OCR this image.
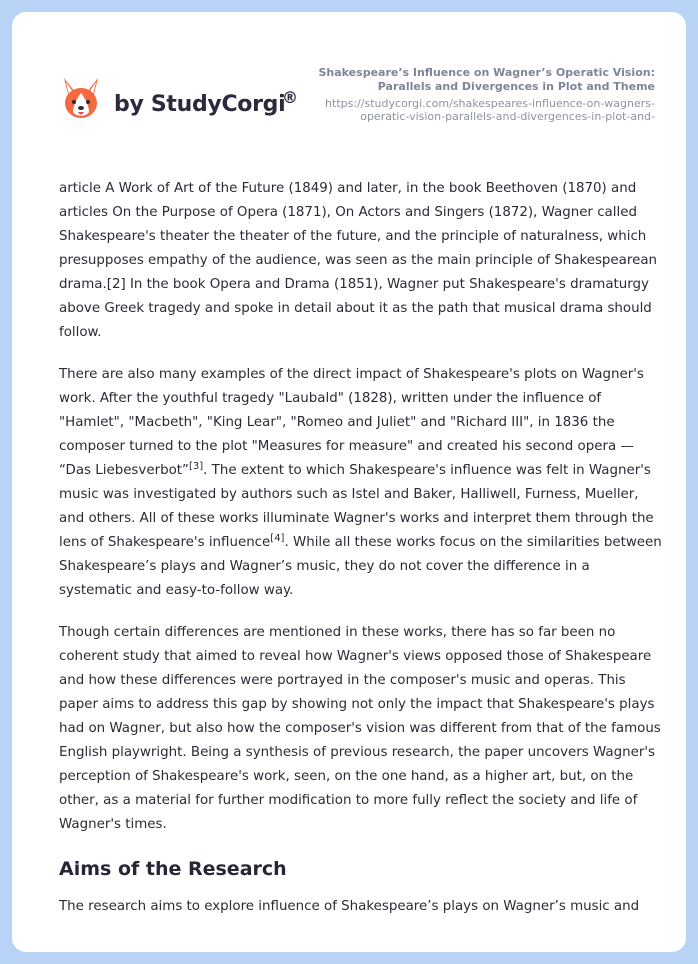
by StudyCorgi
®
Shakespeare’s Influence on Wagner’s Operatic Vision: Parallels and Divergences in Plot and Theme
https://studycorgi.com/shakespeares-influence-on-wagners-operatic-vision-parallels-and-divergences-in-plot-and-

article A Work of Art of the Future (1849) and later, in the book Beethoven (1870) and articles On the Purpose of Opera (1871), On Actors and Singers (1872), Wagner called Shakespeare's theater the theater of the future, and the principle of naturalness, which presupposes empathy of the audience, was seen as the main principle of Shakespearean drama.[2] In the book Opera and Drama (1851), Wagner put Shakespeare's dramaturgy above Greek tragedy and spoke in detail about it as the path that musical drama should follow.

There are also many examples of the direct impact of Shakespeare's plots on Wagner's work. After the youthful tragedy "Laubald" (1828), written under the influence of "Hamlet", "Macbeth", "King Lear", "Romeo and Juliet" and "Richard III", in 1836 the composer turned to the plot "Measures for measure" and created his second opera — “Das Liebesverbot”[3]. The extent to which Shakespeare's influence was felt in Wagner's music was investigated by authors such as Istel and Baker, Halliwell, Furness, Mueller, and others. All of these works illuminate Wagner's works and interpret them through the lens of Shakespeare's influence[4]. While all these works focus on the similarities between Shakespeare’s plays and Wagner’s music, they do not cover the difference in a systematic and easy-to-follow way.

Though certain differences are mentioned in these works, there has so far been no coherent study that aimed to reveal how Wagner's views opposed those of Shakespeare and how these differences were portrayed in the composer's music and operas. This paper aims to address this gap by showing not only the impact that Shakespeare's plays had on Wagner, but also how the composer's vision was different from that of the famous English playwright. Being a synthesis of previous research, the paper uncovers Wagner's perception of Shakespeare's work, seen, on the one hand, as a higher art, but, on the other, as a material for further modification to more fully reflect the society and life of Wagner's times.

Aims of the Research

The research aims to explore influence of Shakespeare’s plays on Wagner’s music and
